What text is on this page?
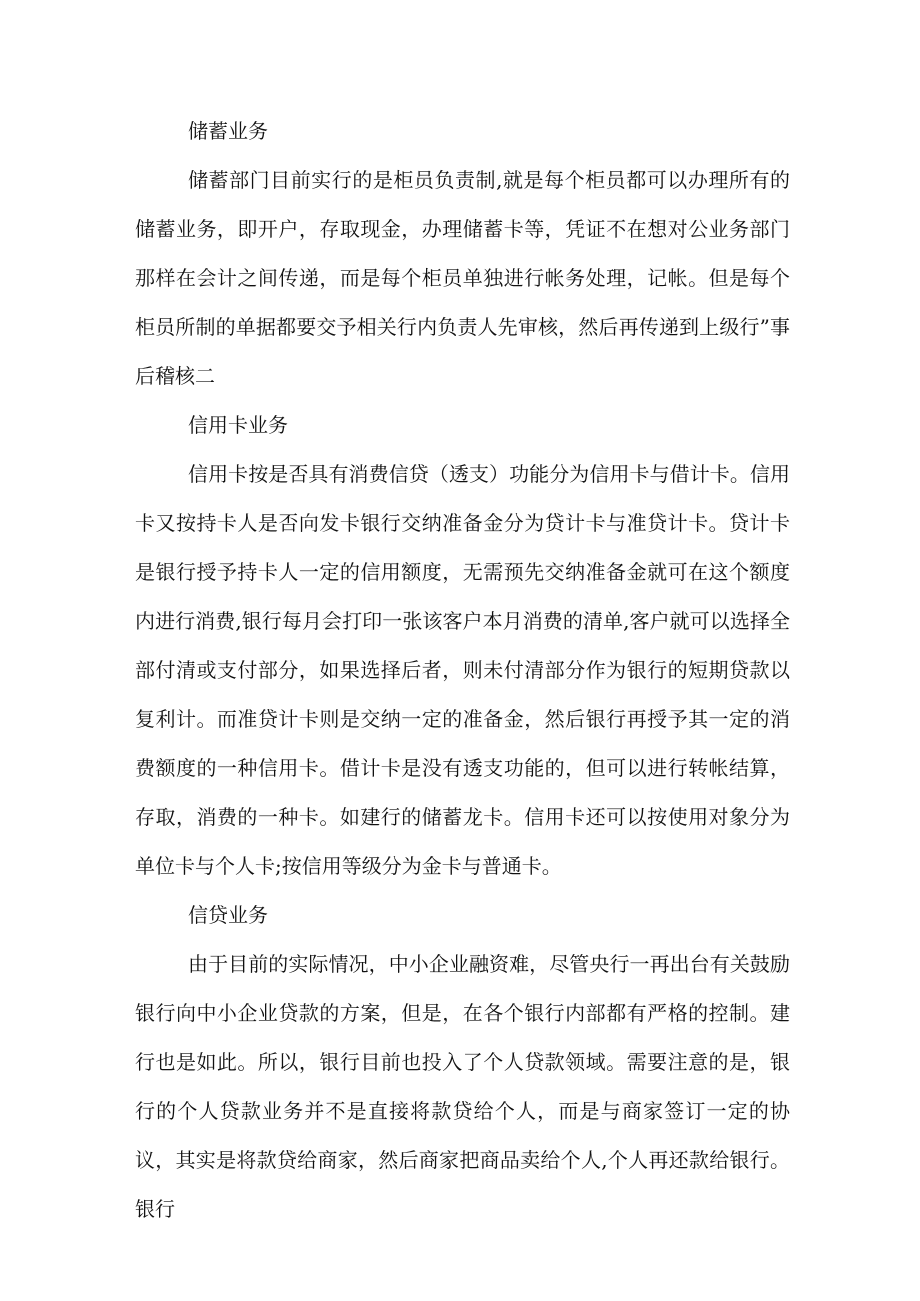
储蓄业务

储蓄部门目前实行的是柜员负责制,就是每个柜员都可以办理所有的储蓄业务，即开户，存取现金，办理储蓄卡等，凭证不在想对公业务部门那样在会计之间传递，而是每个柜员单独进行帐务处理，记帐。但是每个柜员所制的单据都要交予相关行内负责人先审核，然后再传递到上级行”事后稽核二

信用卡业务

信用卡按是否具有消费信贷（透支）功能分为信用卡与借计卡。信用卡又按持卡人是否向发卡银行交纳准备金分为贷计卡与准贷计卡。贷计卡是银行授予持卡人一定的信用额度，无需预先交纳准备金就可在这个额度内进行消费,银行每月会打印一张该客户本月消费的清单,客户就可以选择全部付清或支付部分，如果选择后者，则未付清部分作为银行的短期贷款以复利计。而准贷计卡则是交纳一定的准备金，然后银行再授予其一定的消费额度的一种信用卡。借计卡是没有透支功能的，但可以进行转帐结算，存取，消费的一种卡。如建行的储蓄龙卡。信用卡还可以按使用对象分为单位卡与个人卡;按信用等级分为金卡与普通卡。

信贷业务

由于目前的实际情况，中小企业融资难，尽管央行一再出台有关鼓励银行向中小企业贷款的方案，但是，在各个银行内部都有严格的控制。建行也是如此。所以，银行目前也投入了个人贷款领域。需要注意的是，银行的个人贷款业务并不是直接将款贷给个人，而是与商家签订一定的协议，其实是将款贷给商家，然后商家把商品卖给个人,个人再还款给银行。银行
